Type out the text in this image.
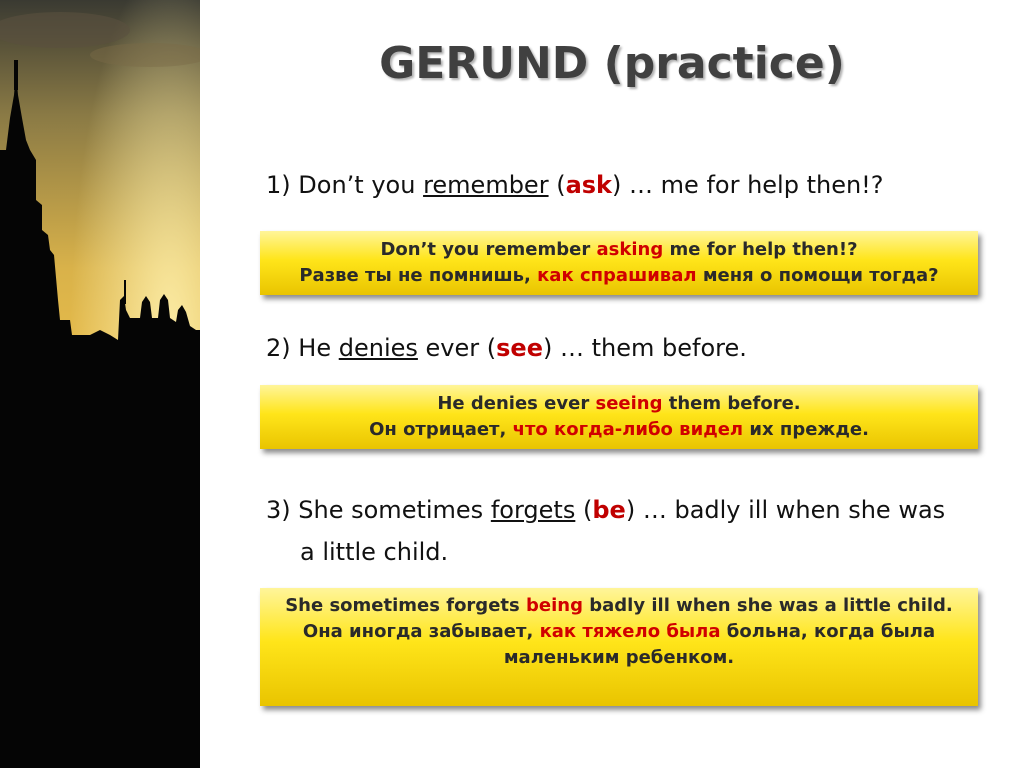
GERUND (practice)
1) Don’t you remember (ask) … me for help then!?
Don’t you remember asking me for help then!?
Разве ты не помнишь, как спрашивал меня о помощи тогда?
2) He denies ever (see) … them before.
He denies ever seeing them before.
Он отрицает, что когда-либо видел их прежде.
3) She sometimes forgets (be) … badly ill when she was
a little child.
She sometimes forgets being badly ill when she was a little child.
Она иногда забывает, как тяжело была больна, когда была маленьким ребенком.
